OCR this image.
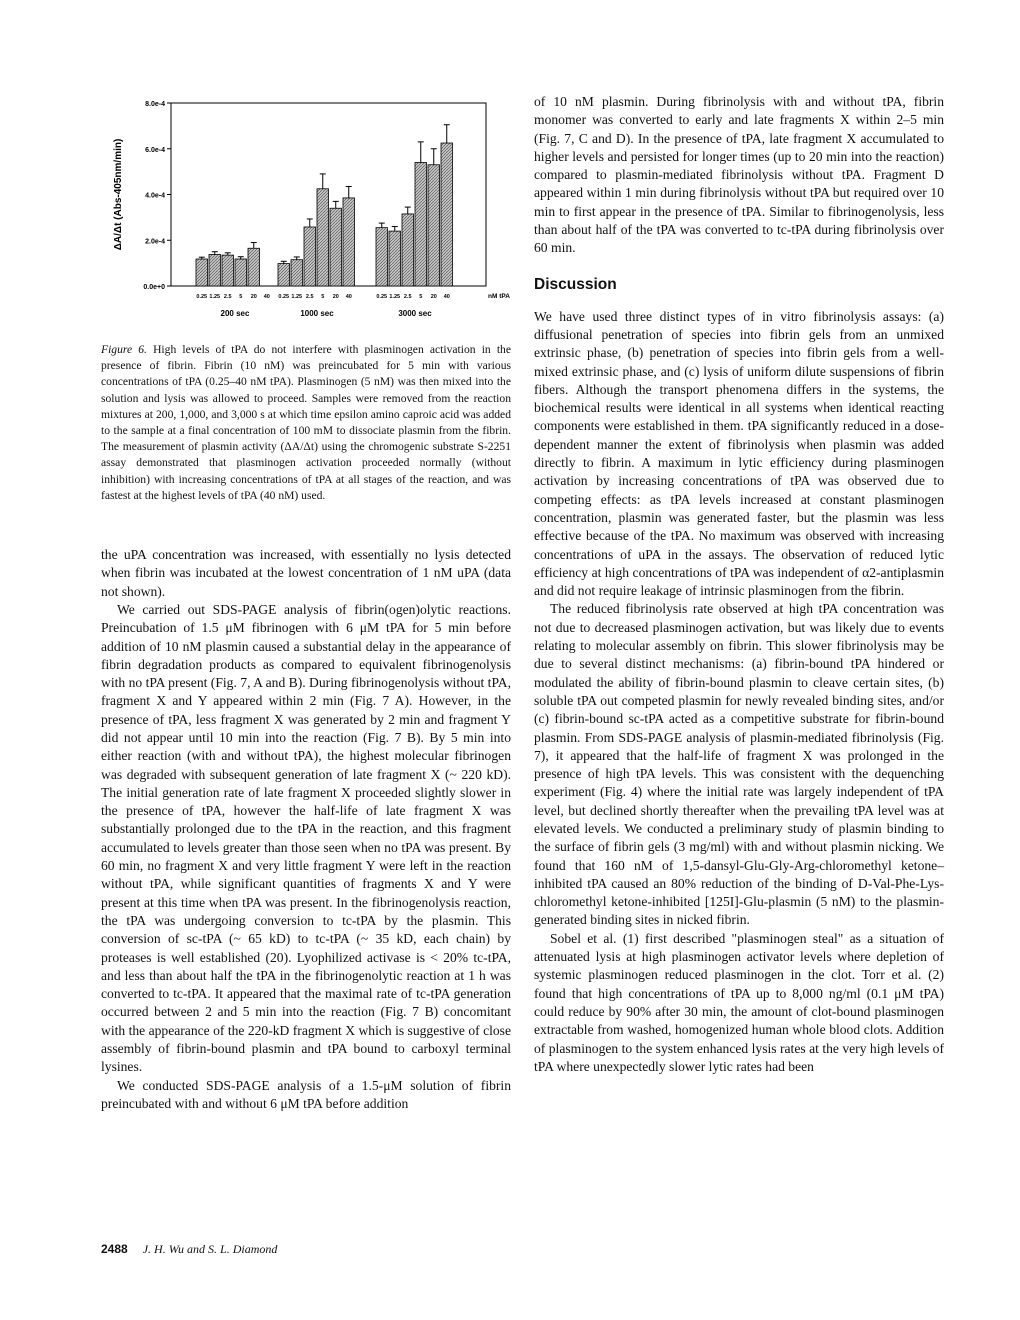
0.0e+0
2.0e-4
4.0e-4
6.0e-4
8.0e-4
ΔA/Δt (Abs-405nm/min)
0.25 1.25 2.5 5 20 40
200 sec
0.25 1.25 2.5 5 20 40
1000 sec
0.25 1.25 2.5 5 20 40
3000 sec
nM tPA
Figure 6. High levels of tPA do not interfere with plasminogen activation in the presence of fibrin. Fibrin (10 nM) was preincubated for 5 min with various concentrations of tPA (0.25–40 nM tPA). Plasminogen (5 nM) was then mixed into the solution and lysis was allowed to proceed. Samples were removed from the reaction mixtures at 200, 1,000, and 3,000 s at which time epsilon amino caproic acid was added to the sample at a final concentration of 100 mM to dissociate plasmin from the fibrin. The measurement of plasmin activity (ΔA/Δt) using the chromogenic substrate S-2251 assay demonstrated that plasminogen activation proceeded normally (without inhibition) with increasing concentrations of tPA at all stages of the reaction, and was fastest at the highest levels of tPA (40 nM) used.

the uPA concentration was increased, with essentially no lysis detected when fibrin was incubated at the lowest concentration of 1 nM uPA (data not shown).

We carried out SDS-PAGE analysis of fibrin(ogen)olytic reactions. Preincubation of 1.5 μM fibrinogen with 6 μM tPA for 5 min before addition of 10 nM plasmin caused a substantial delay in the appearance of fibrin degradation products as compared to equivalent fibrinogenolysis with no tPA present (Fig. 7, A and B). During fibrinogenolysis without tPA, fragment X and Y appeared within 2 min (Fig. 7 A). However, in the presence of tPA, less fragment X was generated by 2 min and fragment Y did not appear until 10 min into the reaction (Fig. 7 B). By 5 min into either reaction (with and without tPA), the highest molecular fibrinogen was degraded with subsequent generation of late fragment X (~ 220 kD). The initial generation rate of late fragment X proceeded slightly slower in the presence of tPA, however the half-life of late fragment X was substantially prolonged due to the tPA in the reaction, and this fragment accumulated to levels greater than those seen when no tPA was present. By 60 min, no fragment X and very little fragment Y were left in the reaction without tPA, while significant quantities of fragments X and Y were present at this time when tPA was present. In the fibrinogenolysis reaction, the tPA was undergoing conversion to tc-tPA by the plasmin. This conversion of sc-tPA (~ 65 kD) to tc-tPA (~ 35 kD, each chain) by proteases is well established (20). Lyophilized activase is < 20% tc-tPA, and less than about half the tPA in the fibrinogenolytic reaction at 1 h was converted to tc-tPA. It appeared that the maximal rate of tc-tPA generation occurred between 2 and 5 min into the reaction (Fig. 7 B) concomitant with the appearance of the 220-kD fragment X which is suggestive of close assembly of fibrin-bound plasmin and tPA bound to carboxyl terminal lysines.

We conducted SDS-PAGE analysis of a 1.5-μM solution of fibrin preincubated with and without 6 μM tPA before addition

of 10 nM plasmin. During fibrinolysis with and without tPA, fibrin monomer was converted to early and late fragments X within 2–5 min (Fig. 7, C and D). In the presence of tPA, late fragment X accumulated to higher levels and persisted for longer times (up to 20 min into the reaction) compared to plasmin-mediated fibrinolysis without tPA. Fragment D appeared within 1 min during fibrinolysis without tPA but required over 10 min to first appear in the presence of tPA. Similar to fibrinogenolysis, less than about half of the tPA was converted to tc-tPA during fibrinolysis over 60 min.

Discussion

We have used three distinct types of in vitro fibrinolysis assays: (a) diffusional penetration of species into fibrin gels from an unmixed extrinsic phase, (b) penetration of species into fibrin gels from a well-mixed extrinsic phase, and (c) lysis of uniform dilute suspensions of fibrin fibers. Although the transport phenomena differs in the systems, the biochemical results were identical in all systems when identical reacting components were established in them. tPA significantly reduced in a dose-dependent manner the extent of fibrinolysis when plasmin was added directly to fibrin. A maximum in lytic efficiency during plasminogen activation by increasing concentrations of tPA was observed due to competing effects: as tPA levels increased at constant plasminogen concentration, plasmin was generated faster, but the plasmin was less effective because of the tPA. No maximum was observed with increasing concentrations of uPA in the assays. The observation of reduced lytic efficiency at high concentrations of tPA was independent of α2-antiplasmin and did not require leakage of intrinsic plasminogen from the fibrin.

The reduced fibrinolysis rate observed at high tPA concentration was not due to decreased plasminogen activation, but was likely due to events relating to molecular assembly on fibrin. This slower fibrinolysis may be due to several distinct mechanisms: (a) fibrin-bound tPA hindered or modulated the ability of fibrin-bound plasmin to cleave certain sites, (b) soluble tPA out competed plasmin for newly revealed binding sites, and/or (c) fibrin-bound sc-tPA acted as a competitive substrate for fibrin-bound plasmin. From SDS-PAGE analysis of plasmin-mediated fibrinolysis (Fig. 7), it appeared that the half-life of fragment X was prolonged in the presence of high tPA levels. This was consistent with the dequenching experiment (Fig. 4) where the initial rate was largely independent of tPA level, but declined shortly thereafter when the prevailing tPA level was at elevated levels. We conducted a preliminary study of plasmin binding to the surface of fibrin gels (3 mg/ml) with and without plasmin nicking. We found that 160 nM of 1,5-dansyl-Glu-Gly-Arg-chloromethyl ketone–inhibited tPA caused an 80% reduction of the binding of D-Val-Phe-Lys-chloromethyl ketone-inhibited [125I]-Glu-plasmin (5 nM) to the plasmin-generated binding sites in nicked fibrin.

Sobel et al. (1) first described "plasminogen steal" as a situation of attenuated lysis at high plasminogen activator levels where depletion of systemic plasminogen reduced plasminogen in the clot. Torr et al. (2) found that high concentrations of tPA up to 8,000 ng/ml (0.1 μM tPA) could reduce by 90% after 30 min, the amount of clot-bound plasminogen extractable from washed, homogenized human whole blood clots. Addition of plasminogen to the system enhanced lysis rates at the very high levels of tPA where unexpectedly slower lytic rates had been

2488 J. H. Wu and S. L. Diamond
